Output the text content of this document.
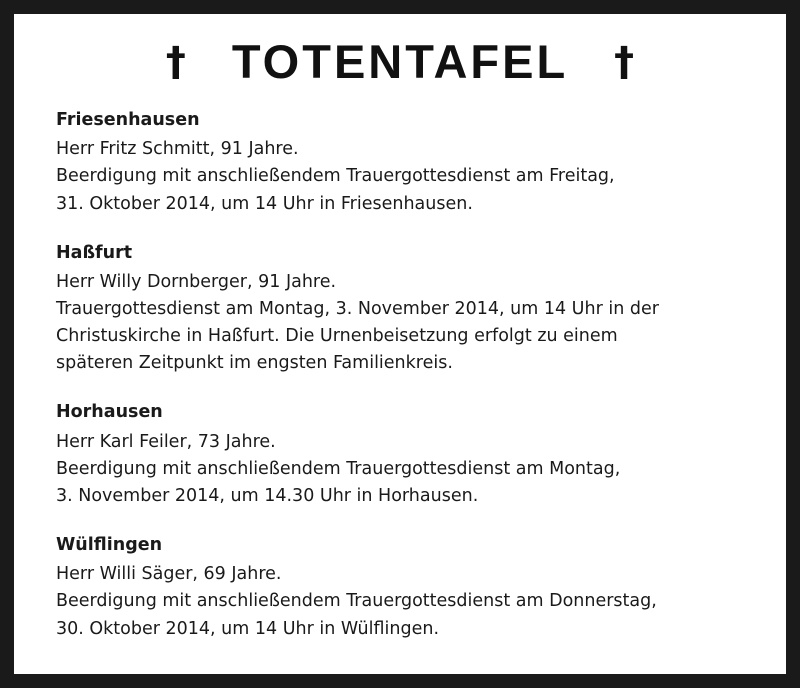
† TOTENTAFEL †
Friesenhausen
Herr Fritz Schmitt, 91 Jahre.
Beerdigung mit anschließendem Trauergottesdienst am Freitag,
31. Oktober 2014, um 14 Uhr in Friesenhausen.
Haßfurt
Herr Willy Dornberger, 91 Jahre.
Trauergottesdienst am Montag, 3. November 2014, um 14 Uhr in der
Christuskirche in Haßfurt. Die Urnenbeisetzung erfolgt zu einem
späteren Zeitpunkt im engsten Familienkreis.
Horhausen
Herr Karl Feiler, 73 Jahre.
Beerdigung mit anschließendem Trauergottesdienst am Montag,
3. November 2014, um 14.30 Uhr in Horhausen.
Wülflingen
Herr Willi Säger, 69 Jahre.
Beerdigung mit anschließendem Trauergottesdienst am Donnerstag,
30. Oktober 2014, um 14 Uhr in Wülflingen.
